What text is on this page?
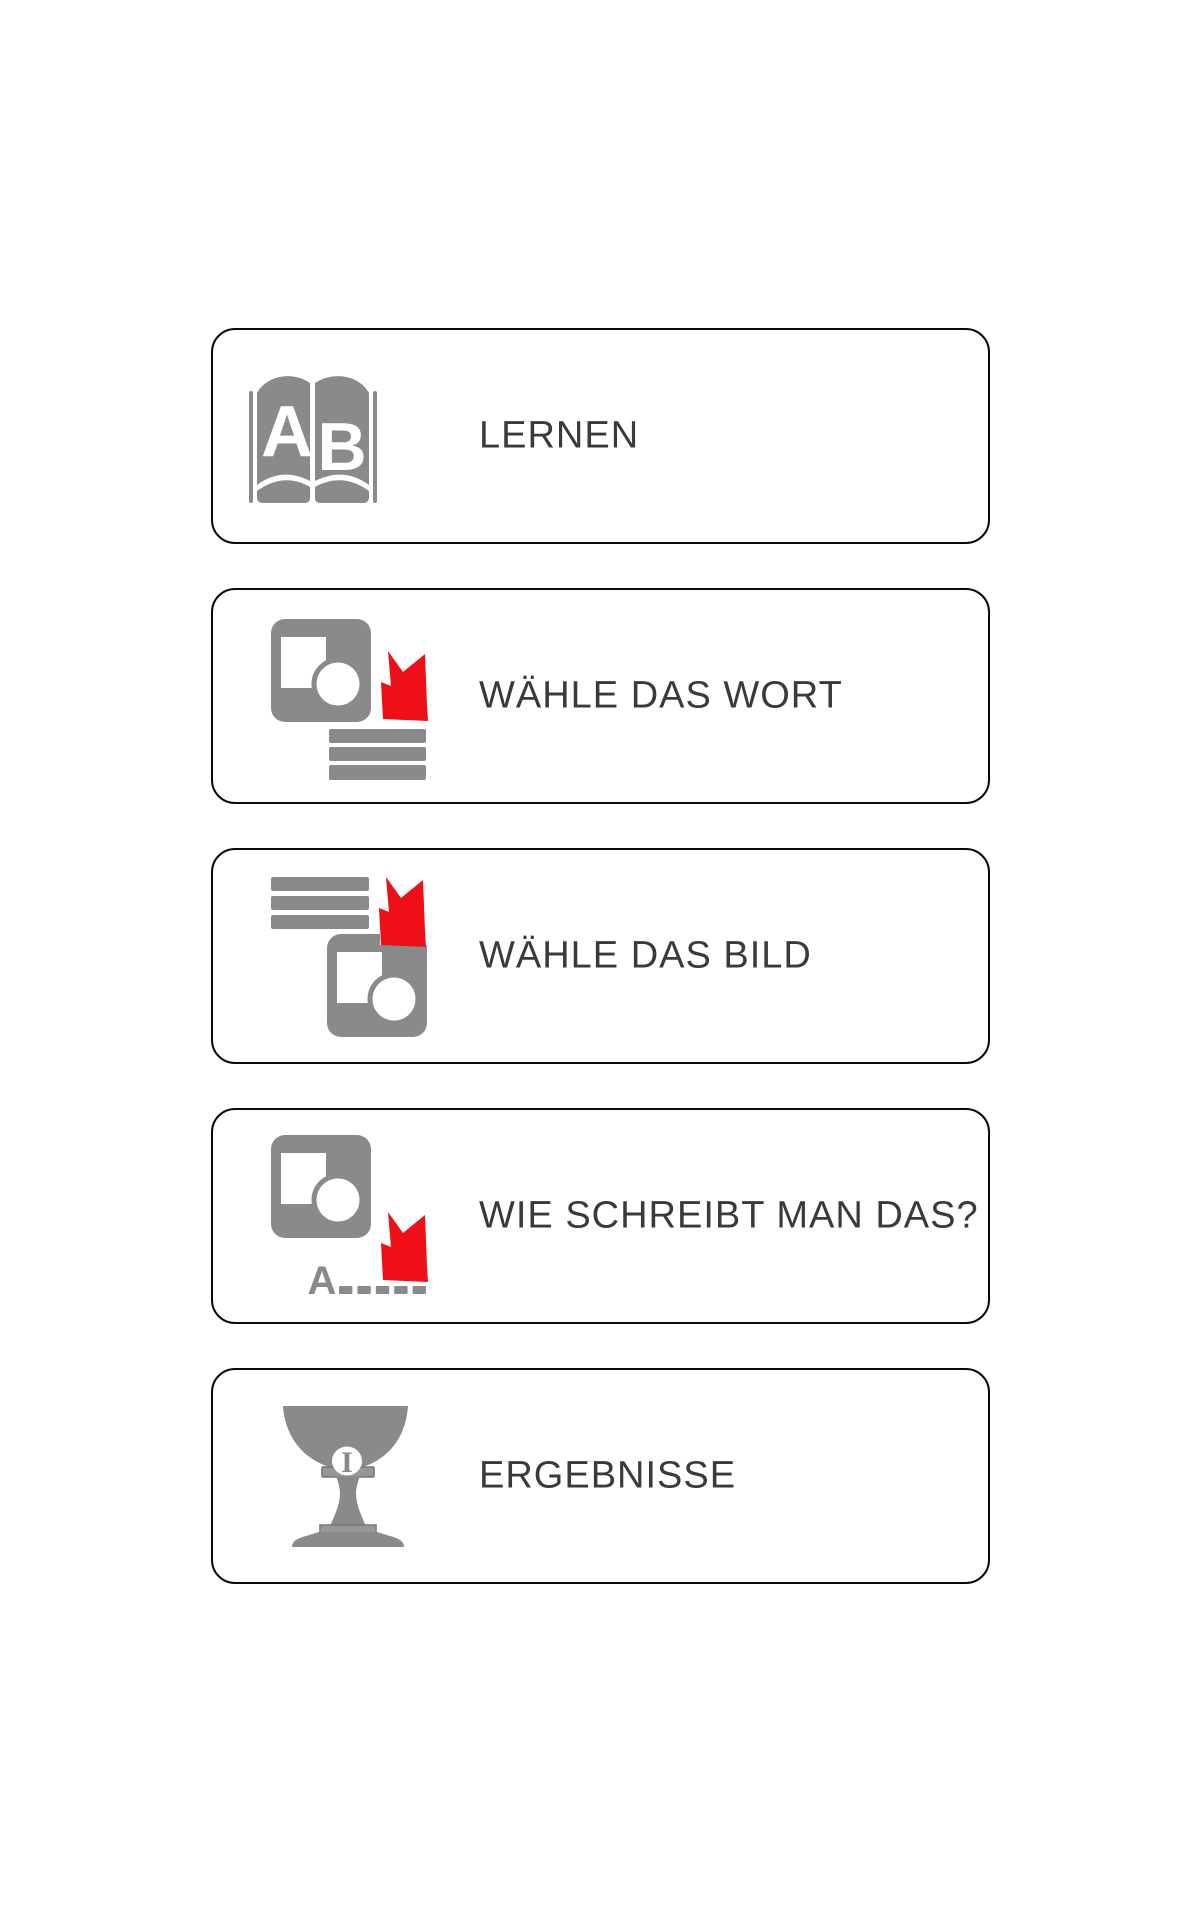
A B	LERNEN
WÄHLE DAS WORT
WÄHLE DAS BILD
A
WIE SCHREIBT MAN DAS?
I	ERGEBNISSE
